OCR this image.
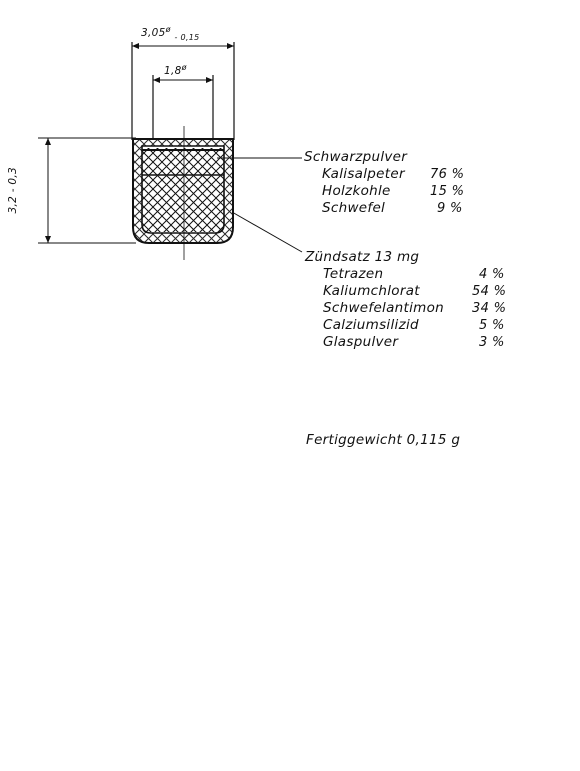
$3,05^ø$ $_{- 0,15}$
$1,8^ø$
3,2 - 0,3
Schwarzpulver
Kalisalpeter 76 %
Holzkohle	15 %
Schwefel	9 %
Zündsatz 13 mg
Tetrazen	4 %
Kaliumchlorat	54 %
Schwefelantimon 34 %
Calziumsilizid	5 %
Glaspulver	3 %
Fertiggewicht 0,115 g
